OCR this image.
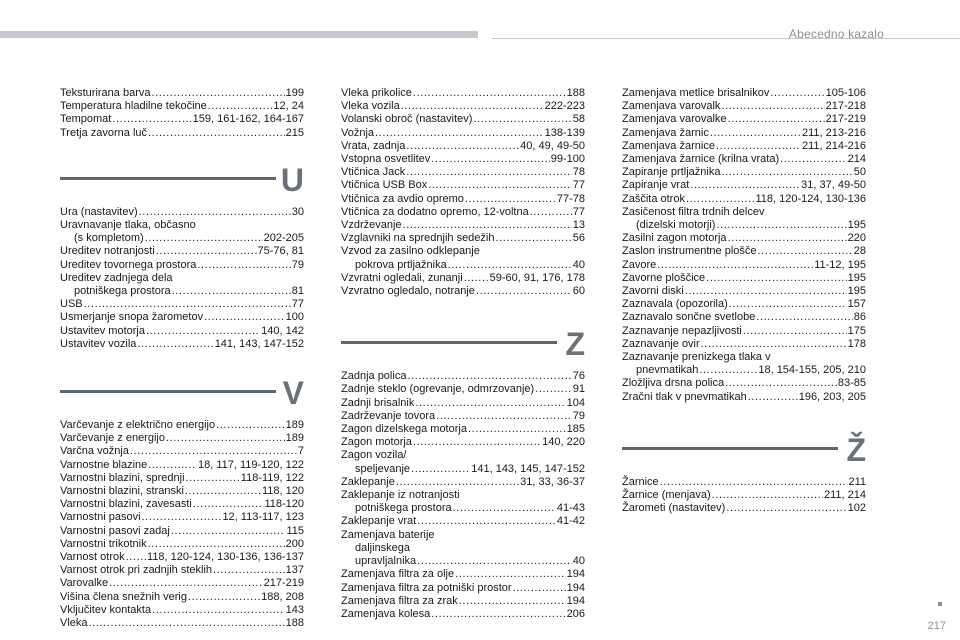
Abecedno kazalo
Teksturirana barva .....	199
Temperatura hladilne tekočine .....	12, 24
Tempomat .....	159, 161-162, 164-167
Tretja zavorna luč .....	215
U
Ura (nastavitev) .....	30
Uravnavanje tlaka, občasno
(s kompletom) .....	202-205
Ureditev notranjosti .....	75-76, 81
Ureditev tovornega prostora .....	79
Ureditev zadnjega dela
potniškega prostora .....	81
USB .....	77
Usmerjanje snopa žarometov .....	100
Ustavitev motorja .....	140, 142
Ustavitev vozila .....	141, 143, 147-152
V
Varčevanje z električno energijo .....	189
Varčevanje z energijo .....	189
Varčna vožnja .....	7
Varnostne blazine .....	18, 117, 119-120, 122
Varnostni blazini, sprednji .....	118-119, 122
Varnostni blazini, stranski .....	118, 120
Varnostni blazini, zavesasti .....	118-120
Varnostni pasovi .....	12, 113-117, 123
Varnostni pasovi zadaj .....	115
Varnostni trikotnik .....	200
Varnost otrok ..... 118, 120-124, 130-136, 136-137
Varnost otrok pri zadnjih steklih .....	137
Varovalke .....	217-219
Višina člena snežnih verig .....	188, 208
Vključitev kontakta .....	143
Vleka .....	188
Vleka prikolice .....	188
Vleka vozila .....	222-223
Volanski obroč (nastavitev) .....	58
Vožnja .....	138-139
Vrata, zadnja .....	40, 49, 49-50
Vstopna osvetlitev .....	99-100
Vtičnica Jack .....	78
Vtičnica USB Box .....	77
Vtičnica za avdio opremo .....	77-78
Vtičnica za dodatno opremo, 12-voltna .....	77
Vzdrževanje .....	13
Vzglavniki na sprednjih sedežih .....	56
Vzvod za zasilno odklepanje
pokrova prtljažnika .....	40
Vzvratni ogledali, zunanji ..... 59-60, 91, 176, 178
Vzvratno ogledalo, notranje .....	60
Z
Zadnja polica .....	76
Zadnje steklo (ogrevanje, odmrzovanje) .....	91
Zadnji brisalnik .....	104
Zadrževanje tovora .....	79
Zagon dizelskega motorja .....	185
Zagon motorja .....	140, 220
Zagon vozila/
speljevanje .....	141, 143, 145, 147-152
Zaklepanje .....	31, 33, 36-37
Zaklepanje iz notranjosti
potniškega prostora .....	41-43
Zaklepanje vrat .....	41-42
Zamenjava baterije
daljinskega
upravljalnika .....	40
Zamenjava filtra za olje .....	194
Zamenjava filtra za potniški prostor .....	194
Zamenjava filtra za zrak .....	194
Zamenjava kolesa .....	206
Zamenjava metlice brisalnikov .....	105-106
Zamenjava varovalk .....	217-218
Zamenjava varovalke .....	217-219
Zamenjava žarnic .....	211, 213-216
Zamenjava žarnice .....	211, 214-216
Zamenjava žarnice (krilna vrata) .....	214
Zapiranje prtljažnika .....	50
Zapiranje vrat .....	31, 37, 49-50
Zaščita otrok .....	118, 120-124, 130-136
Zasičenost filtra trdnih delcev
(dizelski motorji) .....	195
Zasilni zagon motorja .....	220
Zaslon instrumentne plošče .....	28
Zavore .....	11-12, 195
Zavorne ploščice .....	195
Zavorni diski .....	195
Zaznavala (opozorila) .....	157
Zaznavalo sončne svetlobe .....	86
Zaznavanje nepazljivosti .....	175
Zaznavanje ovir .....	178
Zaznavanje prenizkega tlaka v
pnevmatikah .....	18, 154-155, 205, 210
Zložljiva drsna polica .....	83-85
Zračni tlak v pnevmatikah .....	196, 203, 205
Ž
Žarnice .....	211
Žarnice (menjava) .....	211, 214
Žarometi (nastavitev) .....	102
217
